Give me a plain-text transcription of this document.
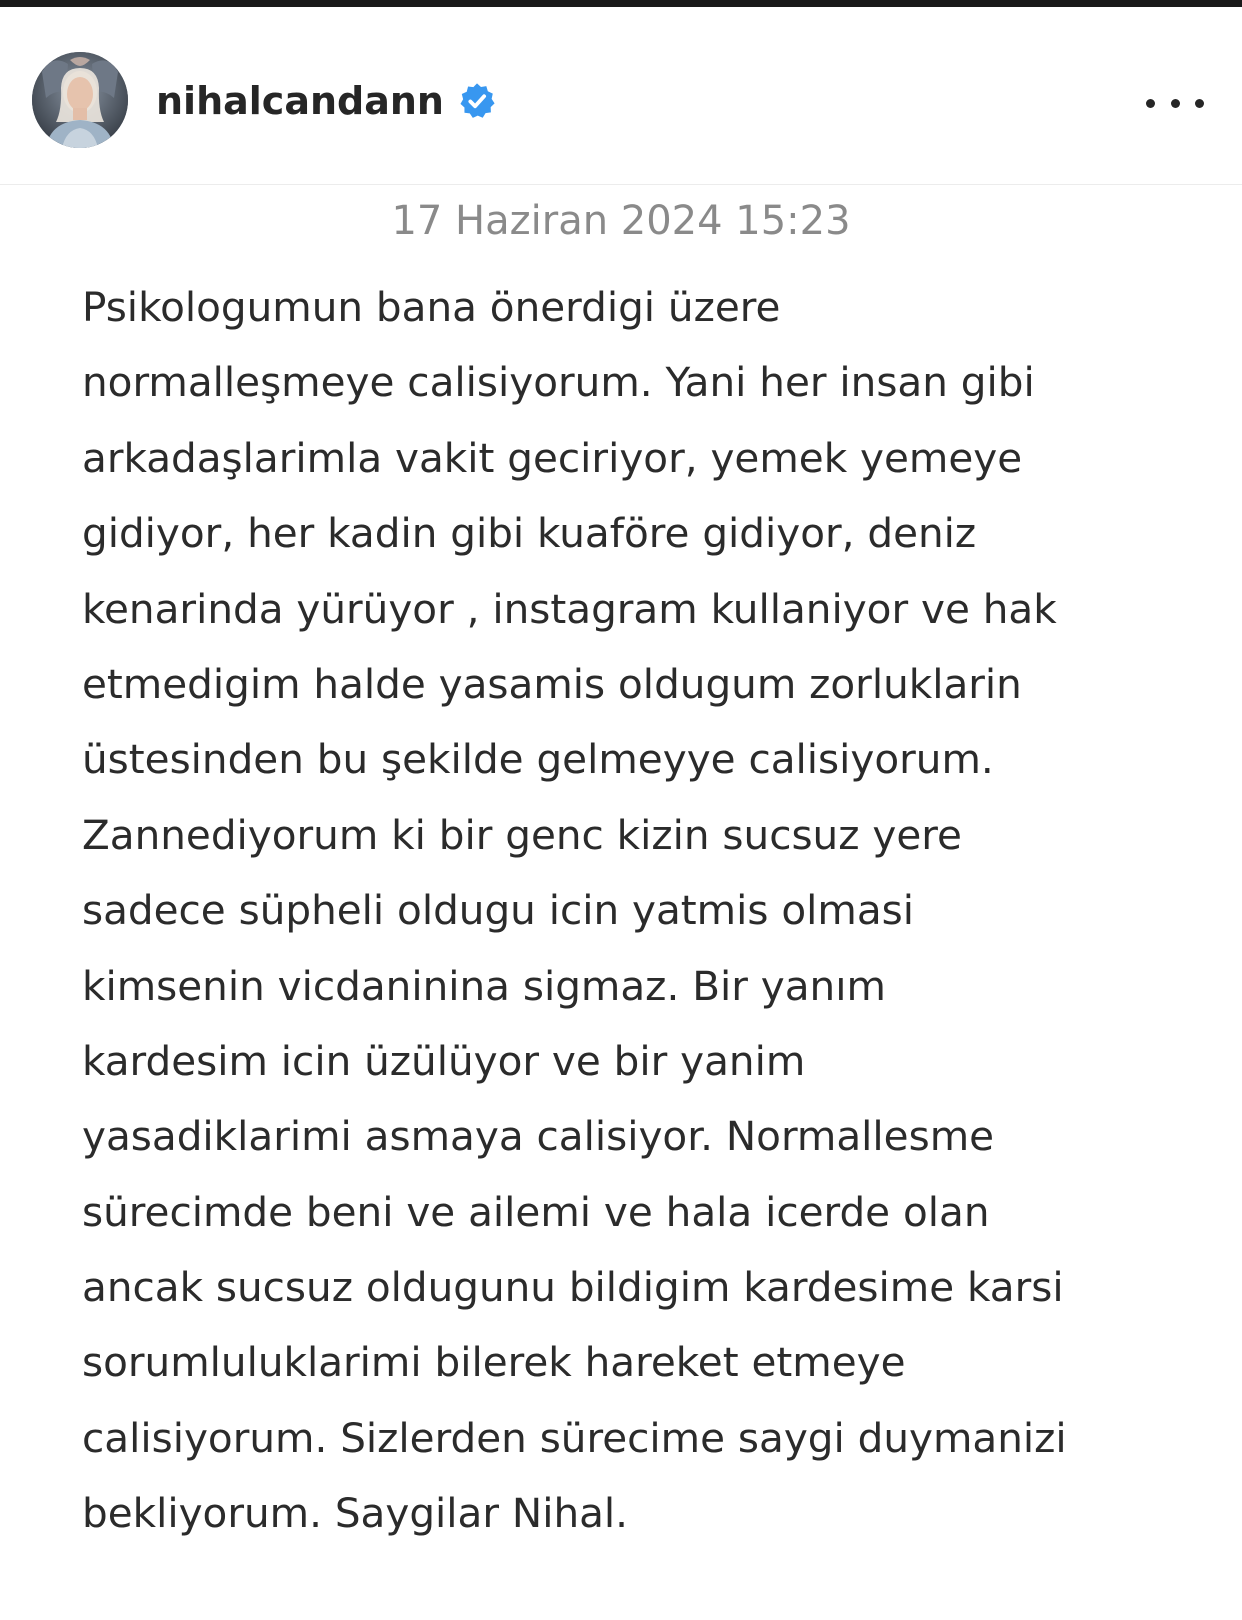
nihalcandann
17 Haziran 2024 15:23
Psikologumun bana önerdigi üzere
normalleşmeye calisiyorum. Yani her insan gibi
arkadaşlarimla vakit geciriyor, yemek yemeye
gidiyor, her kadin gibi kuaföre gidiyor, deniz
kenarinda yürüyor , instagram kullaniyor ve hak
etmedigim halde yasamis oldugum zorluklarin
üstesinden bu şekilde gelmeyye calisiyorum.
Zannediyorum ki bir genc kizin sucsuz yere
sadece süpheli oldugu icin yatmis olmasi
kimsenin vicdaninina sigmaz. Bir yanım
kardesim icin üzülüyor ve bir yanim
yasadiklarimi asmaya calisiyor. Normallesme
sürecimde beni ve ailemi ve hala icerde olan
ancak sucsuz oldugunu bildigim kardesime karsi
sorumluluklarimi bilerek hareket etmeye
calisiyorum. Sizlerden sürecime saygi duymanizi
bekliyorum. Saygilar Nihal.
